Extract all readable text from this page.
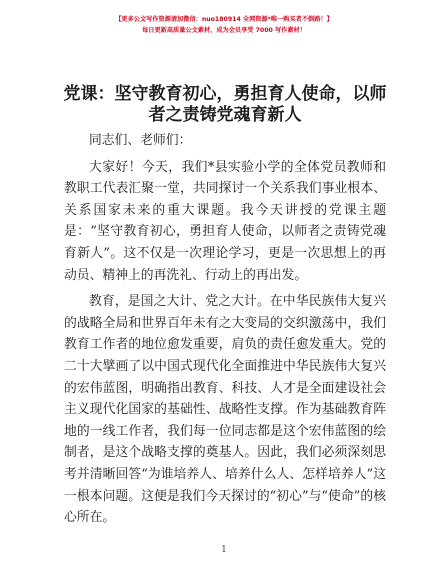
【更多公文写作资源请加微信：nuo180914 全网资源*唯一购买者不倒路！】
每日更新高质量公文素材，成为会员享受 7000 写作素材！
党课：坚守教育初心，勇担育人使命，以师者之责铸党魂育新人

同志们、老师们：

大家好！今天，我们*县实验小学的全体党员教师和教职工代表汇聚一堂，共同探讨一个关系我们事业根本、关系国家未来的重大课题。我今天讲授的党课主题是：“坚守教育初心，勇担育人使命，以师者之责铸党魂育新人”。这不仅是一次理论学习，更是一次思想上的再动员、精神上的再洗礼、行动上的再出发。

教育，是国之大计、党之大计。在中华民族伟大复兴的战略全局和世界百年未有之大变局的交织激荡中，我们教育工作者的地位愈发重要，肩负的责任愈发重大。党的二十大擘画了以中国式现代化全面推进中华民族伟大复兴的宏伟蓝图，明确指出教育、科技、人才是全面建设社会主义现代化国家的基础性、战略性支撑。作为基础教育阵地的一线工作者，我们每一位同志都是这个宏伟蓝图的绘制者，是这个战略支撑的奠基人。因此，我们必须深刻思考并清晰回答“为谁培养人、培养什么人、怎样培养人”这一根本问题。这便是我们今天探讨的“初心”与“使命”的核心所在。

1
